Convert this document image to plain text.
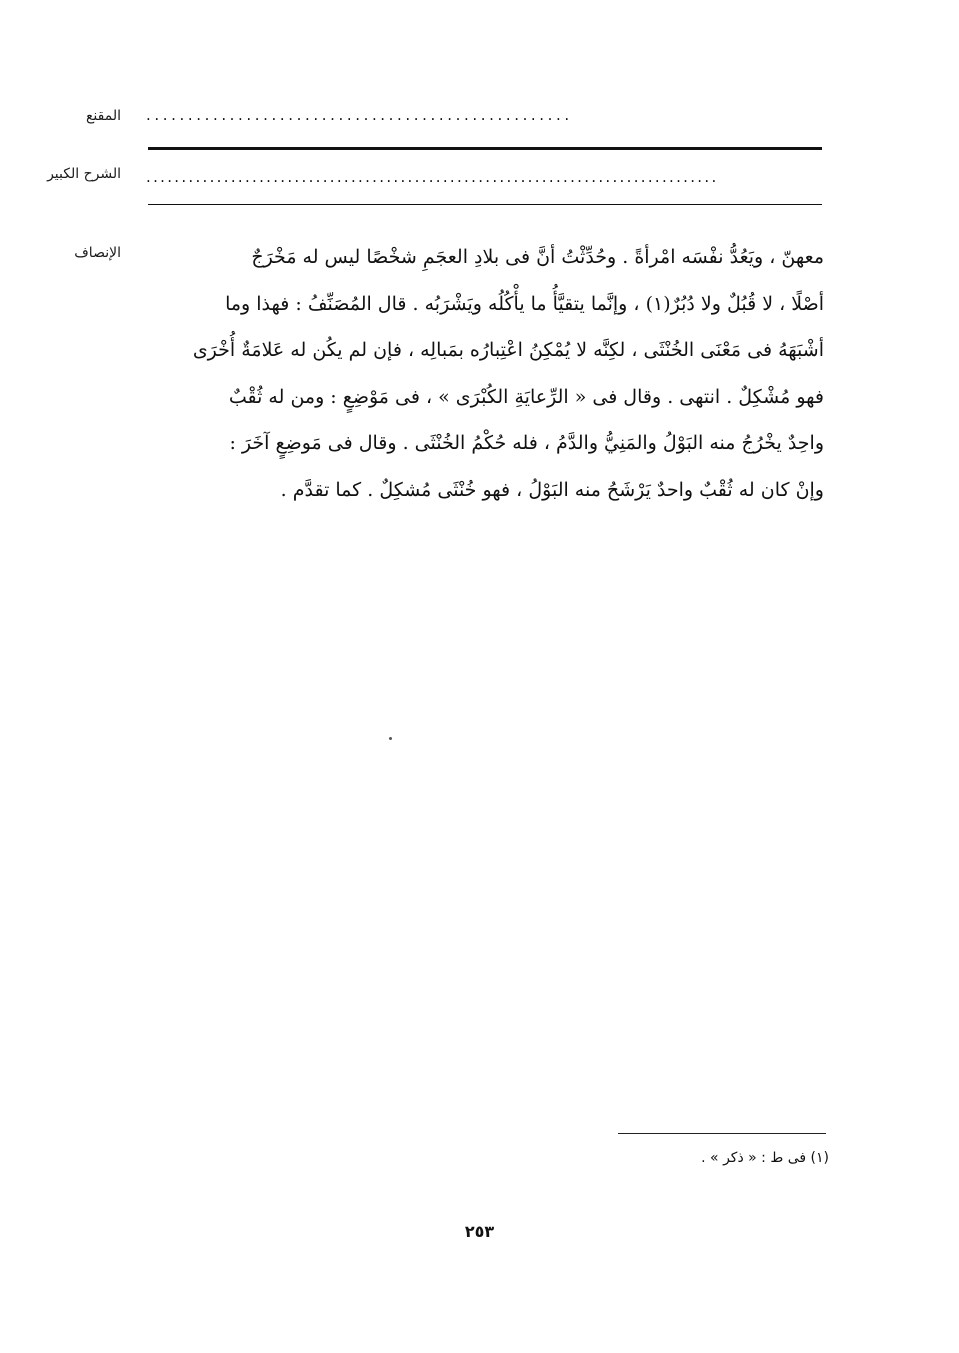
المقنع ...................................................
الشرح الكبير .................................................................................
الإنصاف	معهنّ ، ويَعُدُّ نفْسَه امْرأةً . وحُدِّثْتُ أنَّ فى بلادِ العجَمِ شخْصًا ليس له مَخْرَجٌ
أصْلًا ، لا قُبُلٌ ولا دُبُرٌ(١) ، وإنَّما يتقيَّأُ ما يأْكُلُه ويَشْرَبُه . قال المُصَنِّفُ : فهذا وما
أشْبَهَهُ فى مَعْنَى الخُنْثَى ، لكِنَّه لا يُمْكِنُ اعْتِبارُه بمَبالِه ، فإن لم يكُن له عَلامَةٌ أُخْرَى
فهو مُشْكِلٌ . انتهى . وقال فى « الرِّعايَةِ الكُبْرَى » ، فى مَوْضِعٍ : ومن له ثُقْبٌ
واحِدٌ يخْرُجُ منه البَوْلُ والمَنِيُّ والدَّمُ ، فله حُكْمُ الخُنْثَى . وقال فى مَوضِعٍ آخَرَ :
وإنْ كان له ثُقْبٌ واحدٌ يَرْشَحُ منه البَوْلُ ، فهو خُنْثَى مُشكِلٌ . كما تقدَّم .
(١) فى ط : « ذكر » .
٢٥٣
